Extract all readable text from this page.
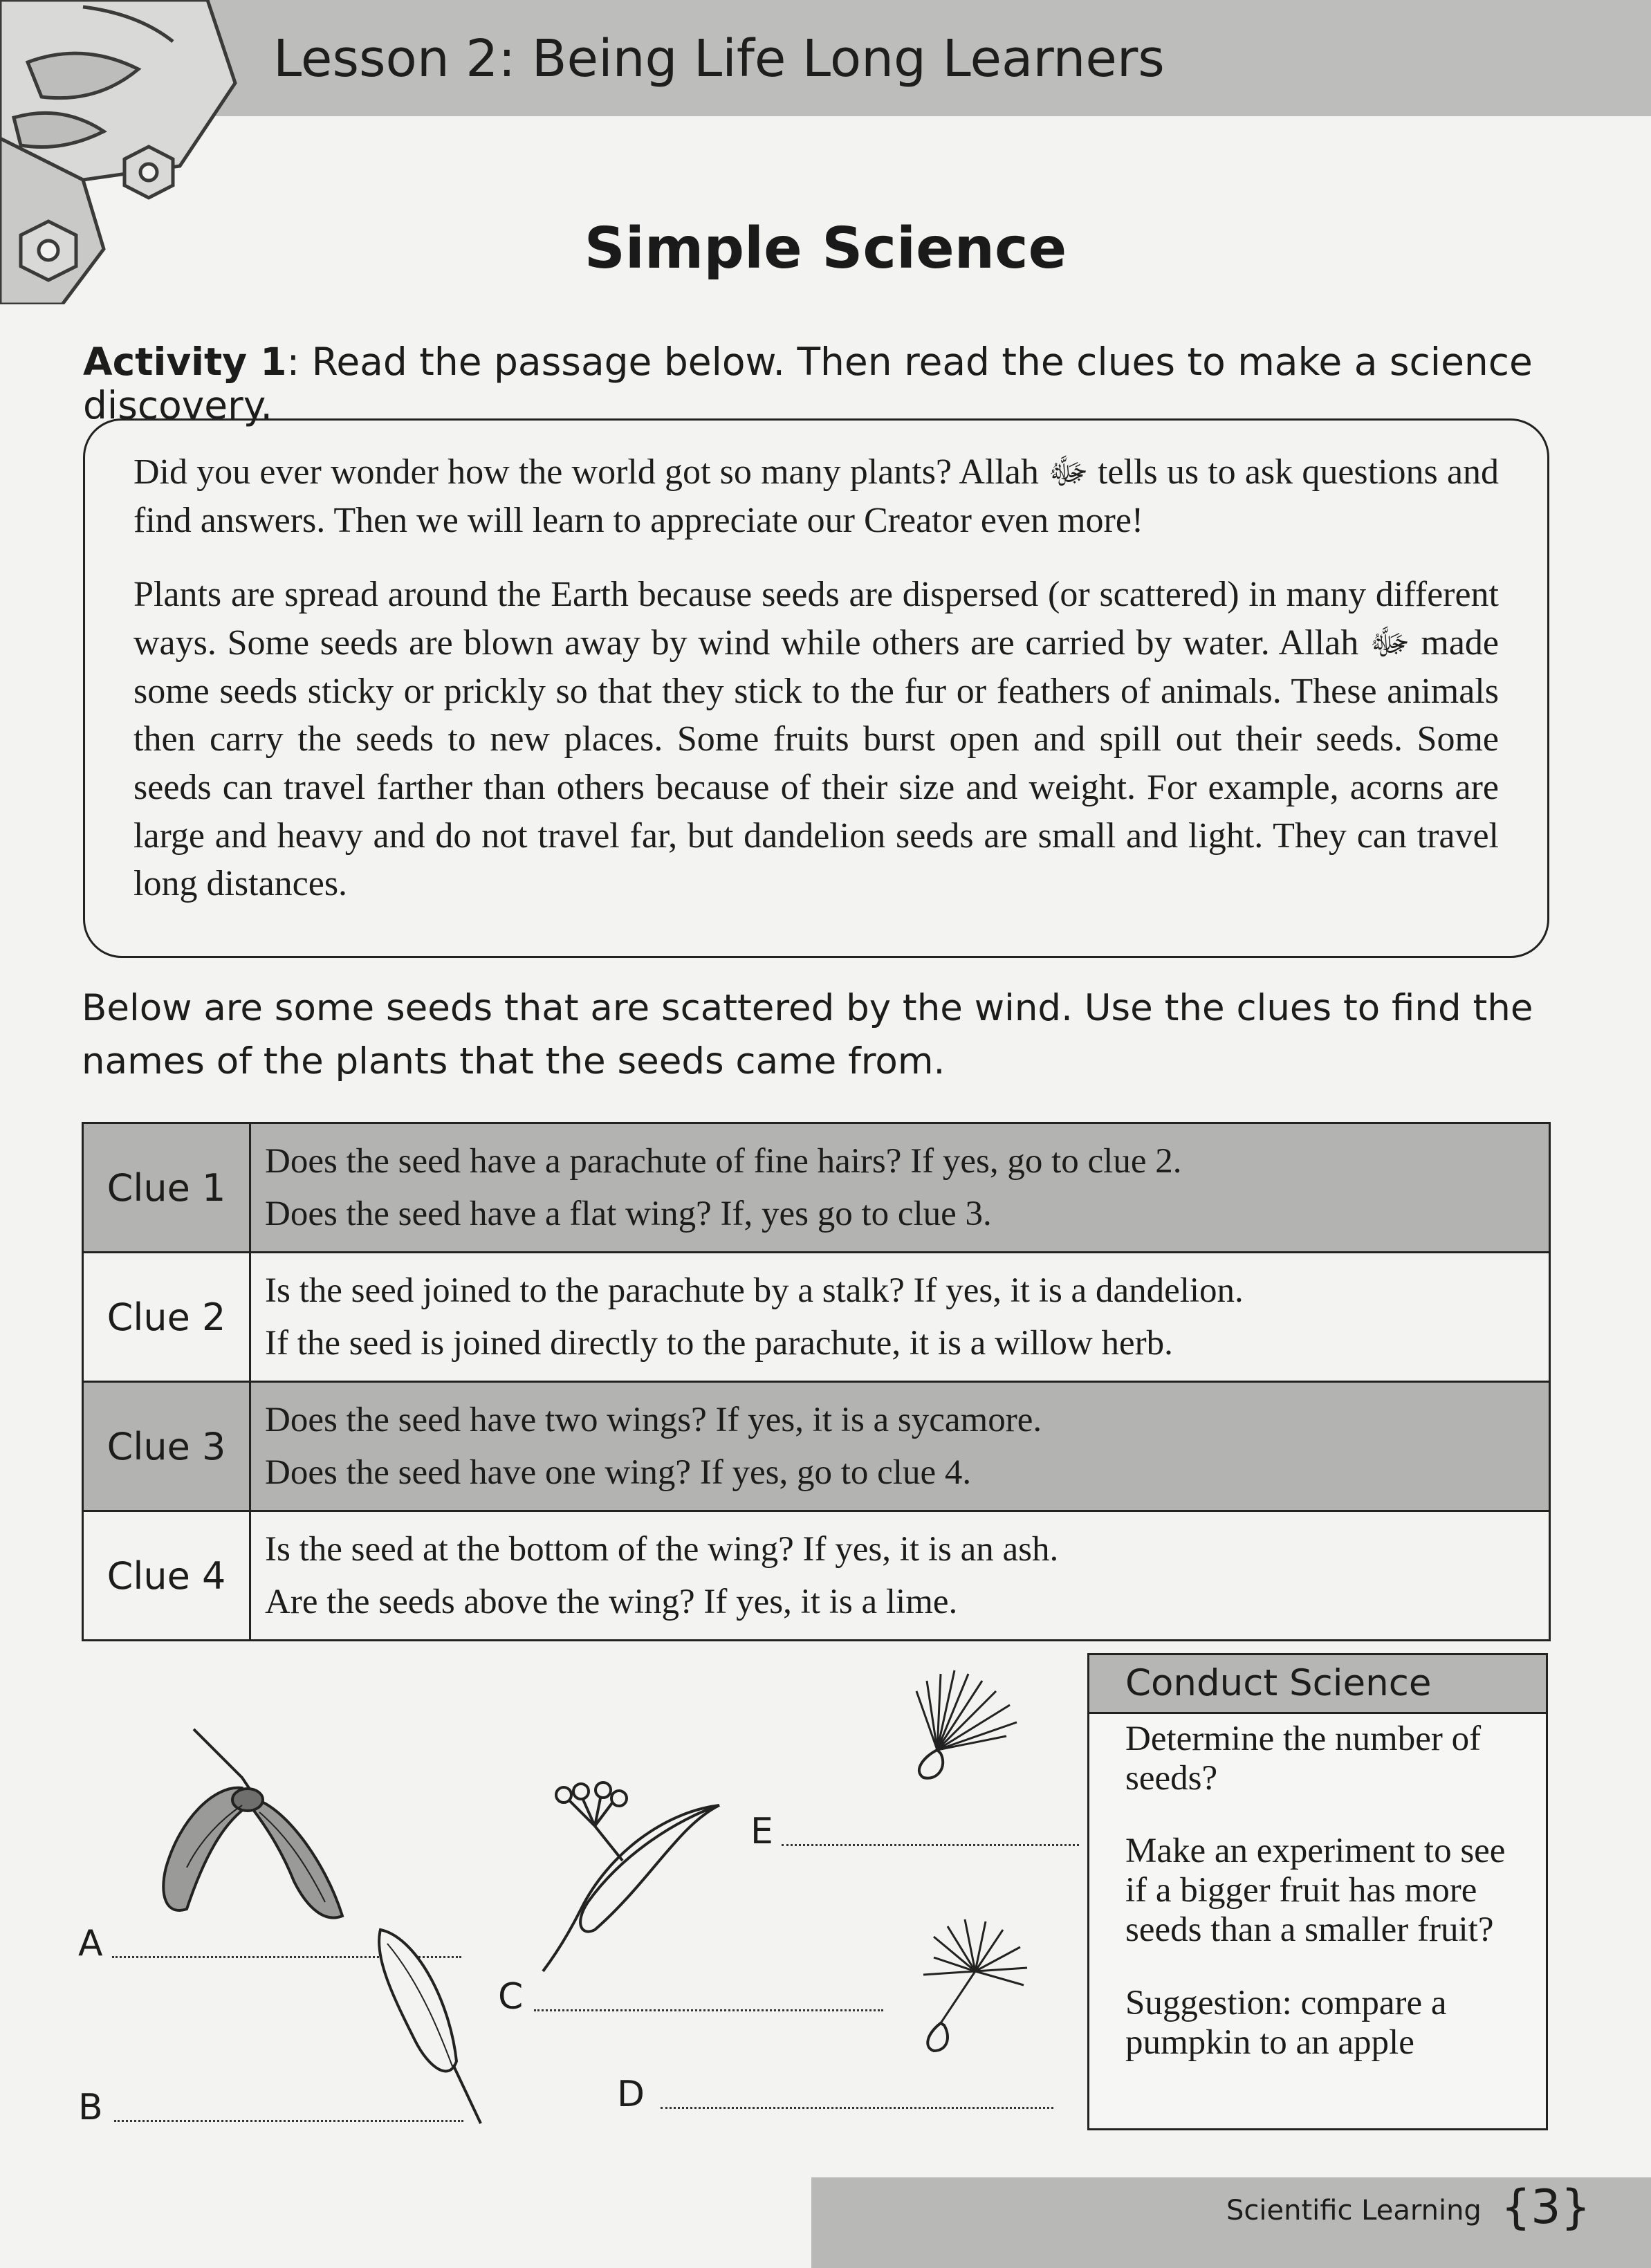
Lesson 2: Being Life Long Learners
Simple Science
Activity 1: Read the passage below. Then read the clues to make a science discovery.

Did you ever wonder how the world got so many plants? Allah ﷻ tells us to ask questions and find answers. Then we will learn to appreciate our Creator even more!

Plants are spread around the Earth because seeds are dispersed (or scattered) in many different ways. Some seeds are blown away by wind while others are carried by water. Allah ﷻ made some seeds sticky or prickly so that they stick to the fur or feathers of animals. These animals then carry the seeds to new places. Some fruits burst open and spill out their seeds. Some seeds can travel farther than others because of their size and weight. For example, acorns are large and heavy and do not travel far, but dandelion seeds are small and light. They can travel long distances.

Below are some seeds that are scattered by the wind. Use the clues to find the names of the plants that the seeds came from.
Clue 1	Does the seed have a parachute of fine hairs? If yes, go to clue 2.
Does the seed have a flat wing? If, yes go to clue 3.

Clue 2	Is the seed joined to the parachute by a stalk? If yes, it is a dandelion.
If the seed is joined directly to the parachute, it is a willow herb.

Clue 3	Does the seed have two wings? If yes, it is a sycamore.
Does the seed have one wing? If yes, go to clue 4.

Clue 4	Is the seed at the bottom of the wing? If yes, it is an ash.
Are the seeds above the wing? If yes, it is a lime.
A
B
C
D
E
Conduct Science

Determine the number of seeds?

Make an experiment to see if a bigger fruit has more seeds than a smaller fruit?

Suggestion: compare a pumpkin to an apple

Scientific Learning {3}
